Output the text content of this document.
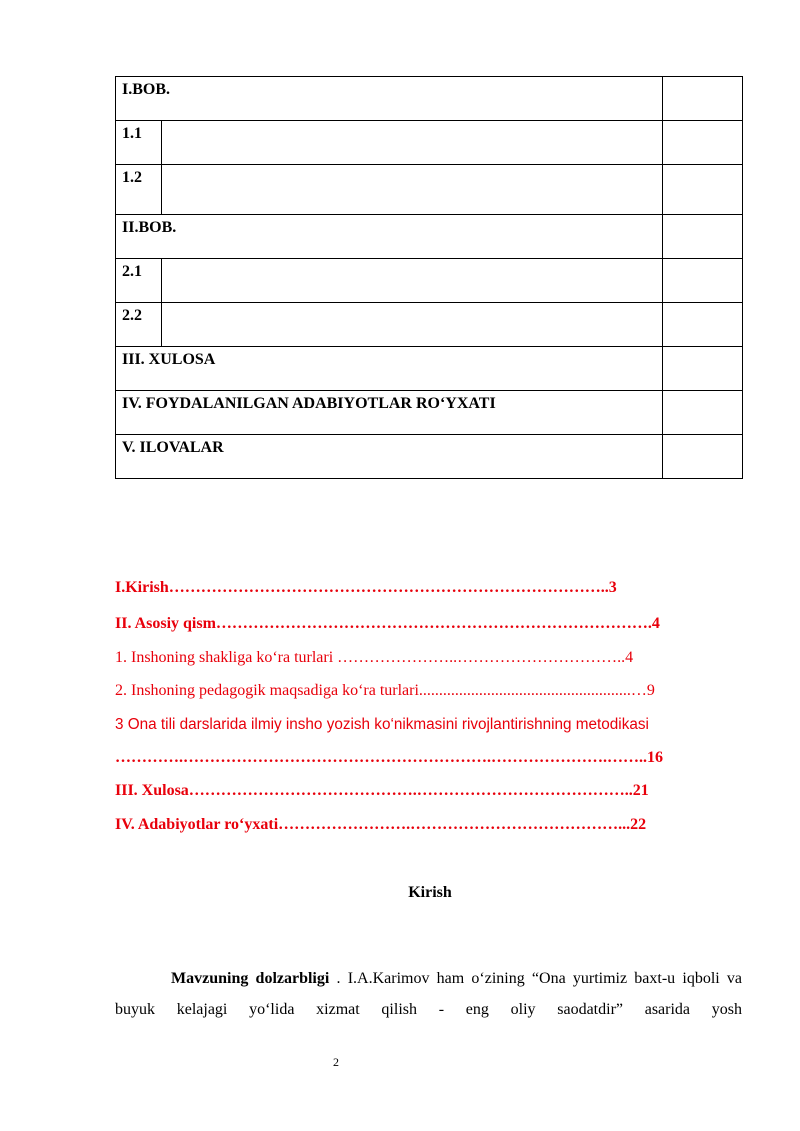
I.BOB.		

1.1		

1.2		

II.BOB.		

2.1		

2.2		

III. XULOSA		

IV. FOYDALANILGAN ADABIYOTLAR RO‘YXATI		

V. ILOVALAR		

I.Kirish………………………………………………………………………..3
II. Asosiy qism……………………………………………………………………….4
1. Inshoning shakliga ko‘ra turlari …………………..…………………………..4
2. Inshoning pedagogik maqsadiga ko‘ra turlari.....................................................…9
3 Ona tili darslarida ilmiy insho yozish ko‘nikmasini rivojlantirishning metodikasi
………….………………………………………………….………………….……..16
III. Xulosa…………………………………….…………………………………..21
IV. Adabiyotlar ro‘yxati…………………….…………………………………...22
Kirish

Mavzuning dolzarbligi . I.A.Karimov ham o‘zining “Ona yurtimiz baxt-u iqboli va buyuk kelajagi yo‘lida xizmat qilish - eng oliy saodatdir” asarida yosh

2
